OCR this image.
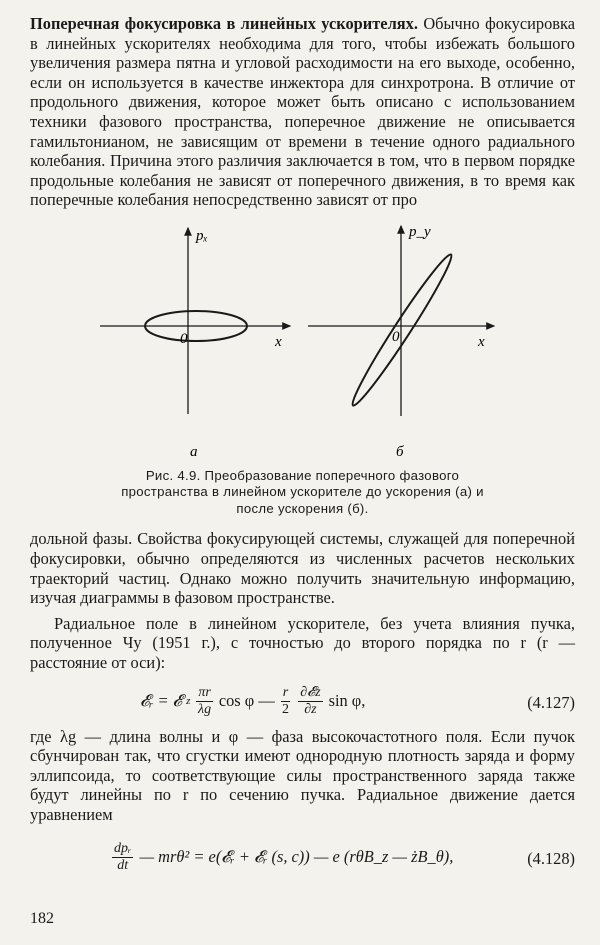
Поперечная фокусировка в линейных ускорителях. Обычно фокусировка в линейных ускорителях необходима для того, чтобы избежать большого увеличения размера пятна и угловой расходимости на его выходе, особенно, если он используется в качестве инжектора для синхротрона. В отличие от продольного движения, которое может быть описано с использованием техники фазового пространства, поперечное движение не описывается гамильтонианом, не зависящим от времени в течение одного радиального колебания. Причина этого различия заключается в том, что в первом порядке продольные колебания не зависят от поперечного движения, в то время как поперечные колебания непосредственно зависят от про

pₓ
x
0
а
p_y
x
0
б
Рис. 4.9. Преобразование поперечного фазового пространства в линейном ускорителе до ускорения (а) и после ускорения (б).

дольной фазы. Свойства фокусирующей системы, служащей для поперечной фокусировки, обычно определяются из численных расчетов нескольких траекторий частиц. Однако можно получить значительную информацию, изучая диаграммы в фазовом пространстве.

Радиальное поле в линейном ускорителе, без учета влияния пучка, полученное Чу (1951 г.), с точностью до второго порядка по r (r — расстояние от оси):

𝓔ᵣ = 𝓔 z $\frac{\pi r}{\lambda g}$ cos φ — $\frac{r}{2} \frac{\text{∂𝓔z}}{\partial z}$ sin φ,	(4.127)

где λg — длина волны и φ — фаза высокочастотного поля. Если пучок сбунчирован так, что сгустки имеют однородную плотность заряда и форму эллипсоида, то соответствующие силы пространственного заряда также будут линейны по r по сечению пучка. Радиальное движение дается уравнением

$\frac{\text{dpᵣ}}{dt}$ — mrθ² = e(𝓔ᵣ + 𝓔ᵣ (s, c)) — e (rθ̇B_z — żB_θ),	(4.128)
182
